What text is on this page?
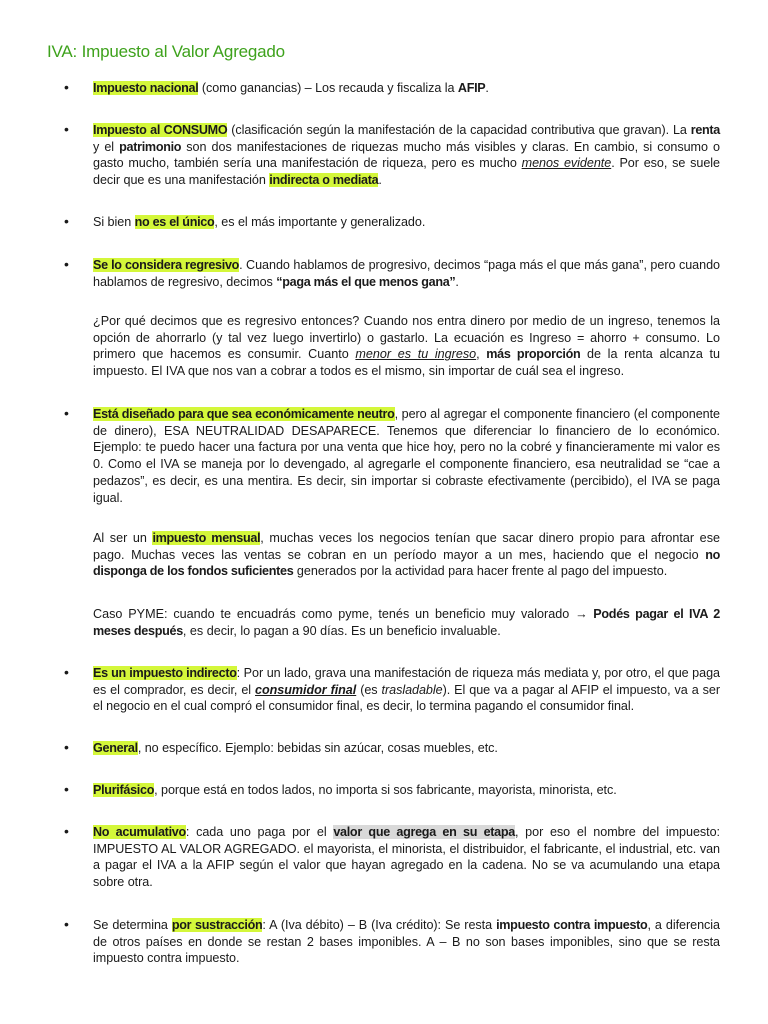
IVA: Impuesto al Valor Agregado
•
Impuesto nacional (como ganancias) – Los recauda y fiscaliza la AFIP.
•
Impuesto al CONSUMO (clasificación según la manifestación de la capacidad contributiva que gravan). La renta y el patrimonio son dos manifestaciones de riquezas mucho más visibles y claras. En cambio, si consumo o gasto mucho, también sería una manifestación de riqueza, pero es mucho menos evidente. Por eso, se suele decir que es una manifestación indirecta o mediata.
•
Si bien no es el único, es el más importante y generalizado.
•
Se lo considera regresivo. Cuando hablamos de progresivo, decimos “paga más el que más gana”, pero cuando hablamos de regresivo, decimos “paga más el que menos gana”.
¿Por qué decimos que es regresivo entonces? Cuando nos entra dinero por medio de un ingreso, tenemos la opción de ahorrarlo (y tal vez luego invertirlo) o gastarlo. La ecuación es Ingreso = ahorro + consumo. Lo primero que hacemos es consumir. Cuanto menor es tu ingreso, más proporción de la renta alcanza tu impuesto. El IVA que nos van a cobrar a todos es el mismo, sin importar de cuál sea el ingreso.
•
Está diseñado para que sea económicamente neutro, pero al agregar el componente financiero (el componente de dinero), ESA NEUTRALIDAD DESAPARECE. Tenemos que diferenciar lo financiero de lo económico. Ejemplo: te puedo hacer una factura por una venta que hice hoy, pero no la cobré y financieramente mi valor es 0. Como el IVA se maneja por lo devengado, al agregarle el componente financiero, esa neutralidad se “cae a pedazos”, es decir, es una mentira. Es decir, sin importar si cobraste efectivamente (percibido), el IVA se paga igual.
Al ser un impuesto mensual, muchas veces los negocios tenían que sacar dinero propio para afrontar ese pago. Muchas veces las ventas se cobran en un período mayor a un mes, haciendo que el negocio no disponga de los fondos suficientes generados por la actividad para hacer frente al pago del impuesto.
Caso PYME: cuando te encuadrás como pyme, tenés un beneficio muy valorado → Podés pagar el IVA 2 meses después, es decir, lo pagan a 90 días. Es un beneficio invaluable.
•
Es un impuesto indirecto: Por un lado, grava una manifestación de riqueza más mediata y, por otro, el que paga es el comprador, es decir, el consumidor final (es trasladable). El que va a pagar al AFIP el impuesto, va a ser el negocio en el cual compró el consumidor final, es decir, lo termina pagando el consumidor final.
•
General, no específico. Ejemplo: bebidas sin azúcar, cosas muebles, etc.
•
Plurifásico, porque está en todos lados, no importa si sos fabricante, mayorista, minorista, etc.
•
No acumulativo: cada uno paga por el valor que agrega en su etapa, por eso el nombre del impuesto: IMPUESTO AL VALOR AGREGADO. el mayorista, el minorista, el distribuidor, el fabricante, el industrial, etc. van a pagar el IVA a la AFIP según el valor que hayan agregado en la cadena. No se va acumulando una etapa sobre otra.
•
Se determina por sustracción: A (Iva débito) – B (Iva crédito): Se resta impuesto contra impuesto, a diferencia de otros países en donde se restan 2 bases imponibles. A – B no son bases imponibles, sino que se resta impuesto contra impuesto.
